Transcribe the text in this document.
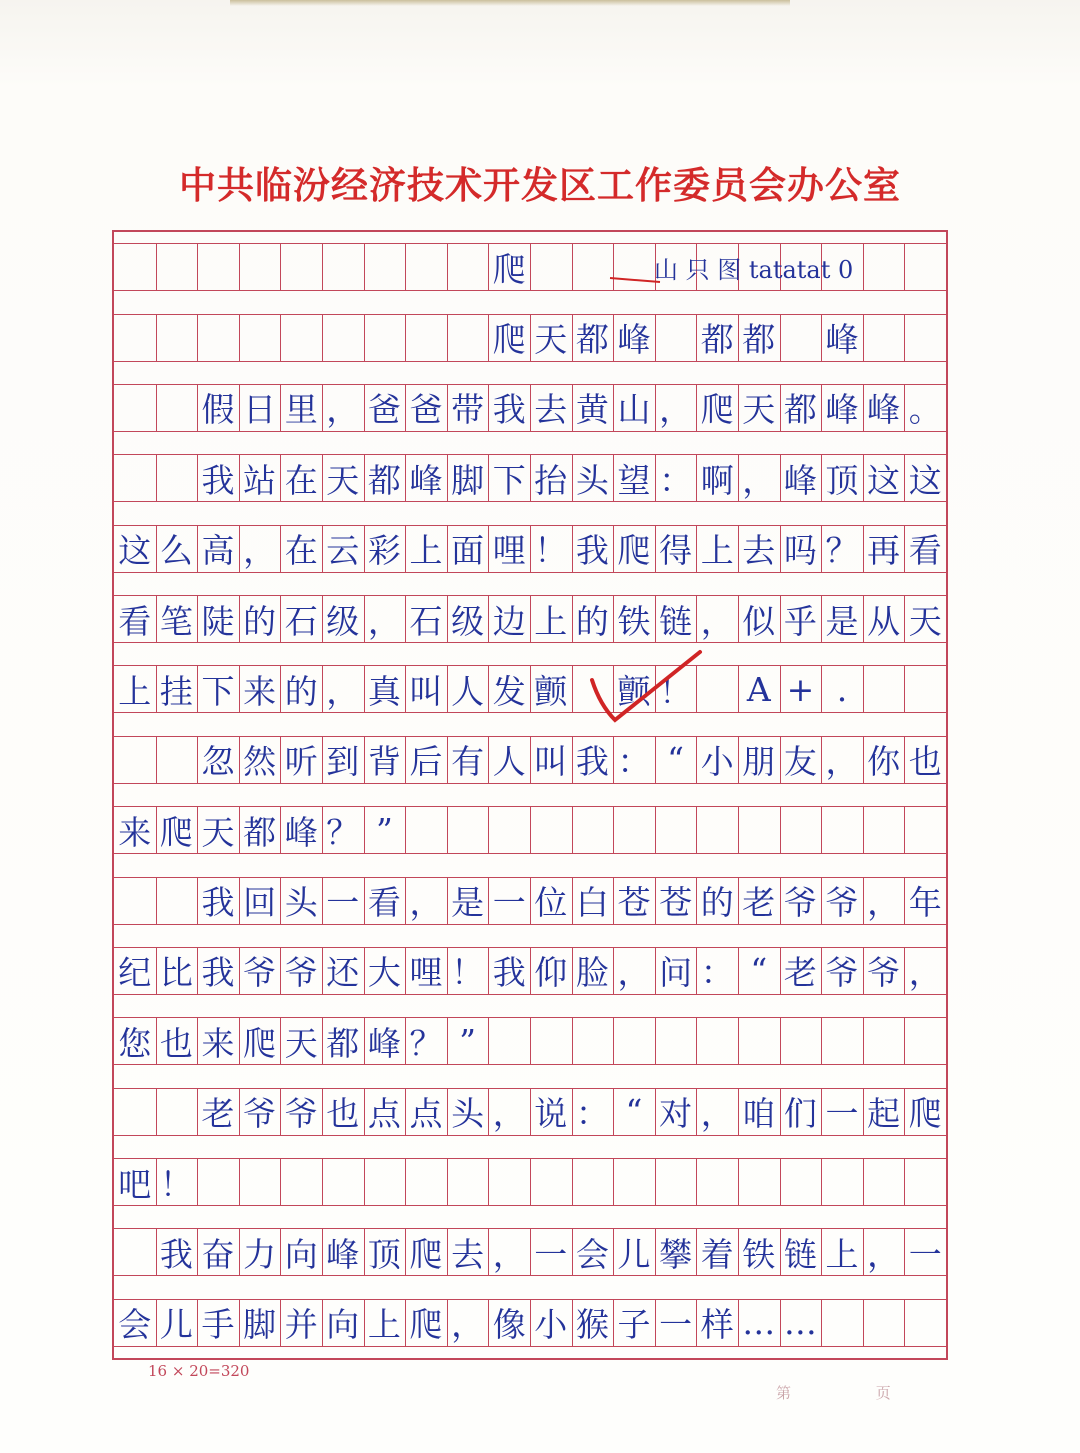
中共临汾经济技术开发区工作委员会办公室
爬	山 只 图 tatatat 0
爬 天 都 峰
　 都 都
　 峰

假 日 里 ， 爸 爸 带 我 去 黄 山 ， 爬 天 都 峰 峰 。

我 站 在 天 都 峰 脚 下 抬 头 望 ： 啊 ， 峰 顶 这 这
这 么 高 ， 在 云 彩 上 面 哩 ！ 我 爬 得 上 去 吗 ？ 再 看
看 笔 陡 的 石 级 ， 石 级 边 上 的 铁 链 ， 似 乎 是 从 天
上 挂 下 来 的 ， 真 叫 人 发 颤
　 颤 ！
　 A + .

忽 然 听 到 背 后 有 人 叫 我 ： “ 小 朋 友 ， 你 也
来 爬 天 都 峰 ？ ”

我 回 头 一 看 ， 是 一 位 白 苍 苍 的 老 爷 爷 ， 年
纪 比 我 爷 爷 还 大 哩 ！ 我 仰 脸 ， 问 ： “ 老 爷 爷 ，
您 也 来 爬 天 都 峰 ？ ”

老 爷 爷 也 点 点 头 ， 说 ： “ 对 ， 咱 们 一 起 爬
吧 ！

我 奋 力 向 峰 顶 爬 去 ， 一 会 儿 攀 着 铁 链 上 ， 一
会 儿 手 脚 并 向 上 爬 ， 像 小 猴 子 一 样 … …
16 × 20=320
第 页
